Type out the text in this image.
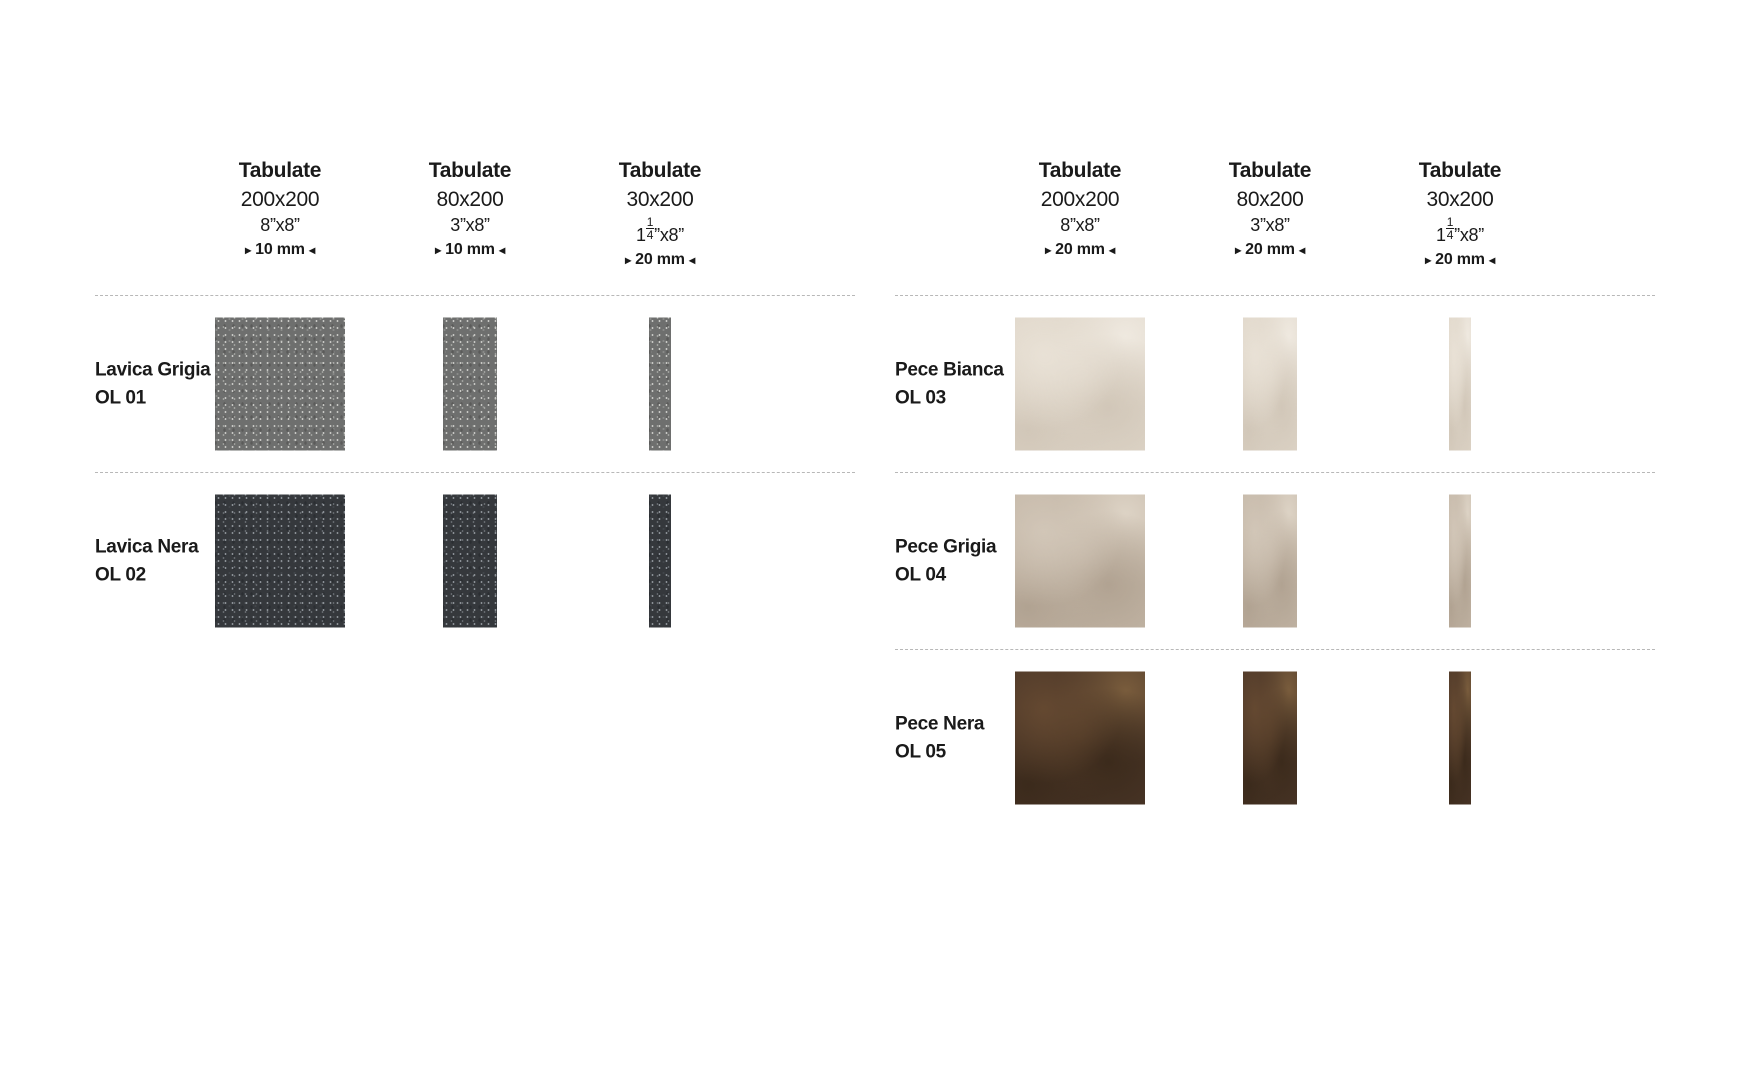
Tabulate
200x200
8”x8”
▸ 10 mm ◂
Tabulate
80x200
3”x8”
▸ 10 mm ◂
Tabulate
30x200
$1 \frac{1}{4}$ ”x8”
▸ 20 mm ◂
Lavica Grigia
OL 01
Lavica Nera
OL 02
Tabulate
200x200
8”x8”
▸ 20 mm ◂
Tabulate
80x200
3”x8”
▸ 20 mm ◂
Tabulate
30x200
$1 \frac{1}{4}$ ”x8”
▸ 20 mm ◂
Pece Bianca
OL 03
Pece Grigia
OL 04
Pece Nera
OL 05
